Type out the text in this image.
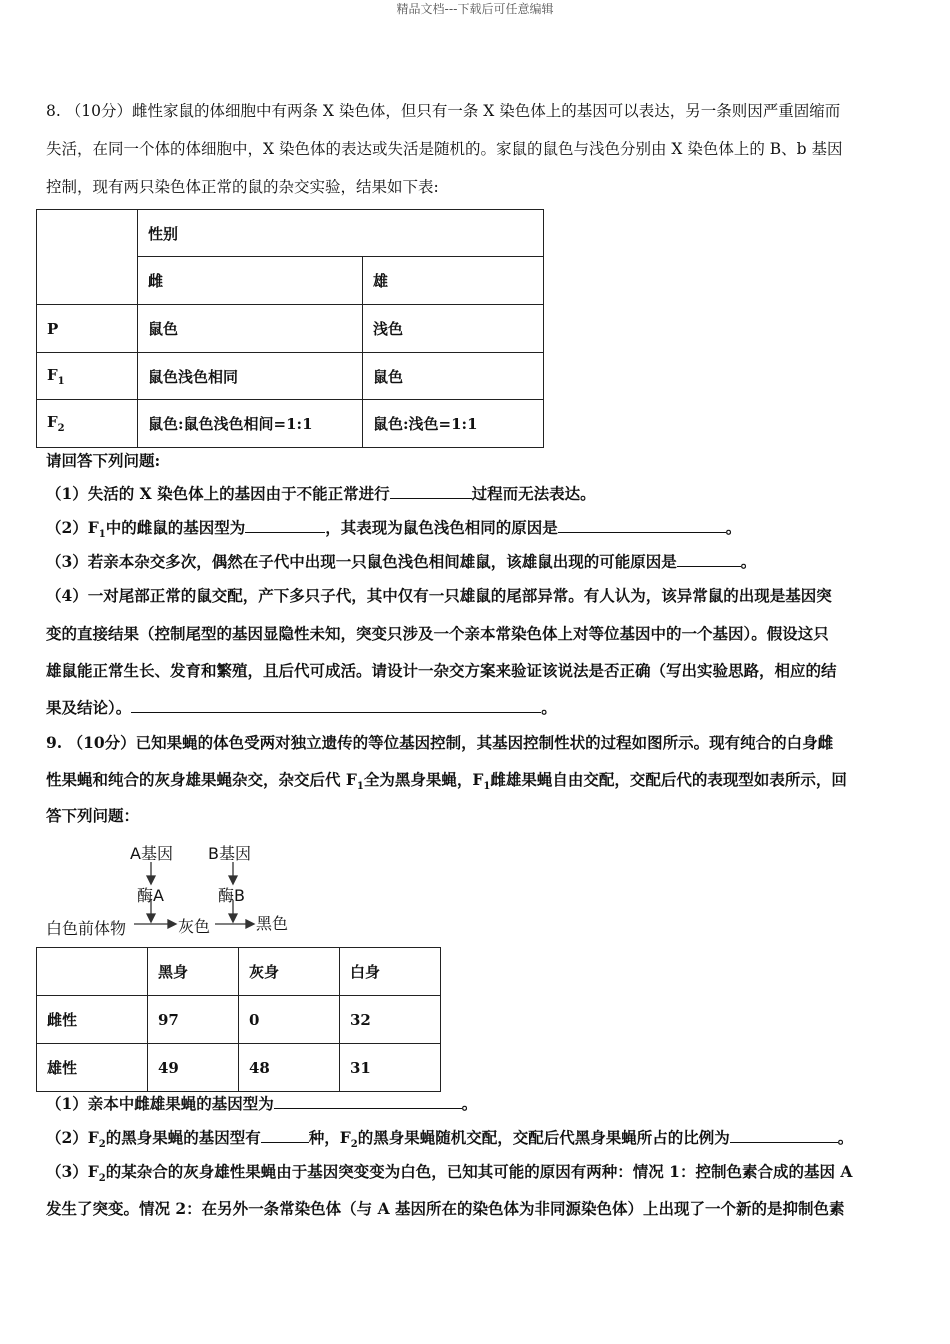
精品文档---下载后可任意编辑
8. （10分）雌性家鼠的体细胞中有两条 X 染色体，但只有一条 X 染色体上的基因可以表达，另一条则因严重固缩而
失活，在同一个体的体细胞中，X 染色体的表达或失活是随机的。家鼠的鼠色与浅色分别由 X 染色体上的 B、b 基因
控制，现有两只染色体正常的鼠的杂交实验，结果如下表:
	性别	
	雌	雄
P	鼠色	浅色
$F_1$	鼠色浅色相同	鼠色
$F_2$	鼠色:鼠色浅色相间=1:1	鼠色:浅色=1:1
请回答下列问题:
（1）失活的 X 染色体上的基因由于不能正常进行	过程而无法表达。
$(2)F_1$中的雌鼠的基因型为	，其表现为鼠色浅色相同的原因是	。
（3）若亲本杂交多次，偶然在子代中出现一只鼠色浅色相间雄鼠，该雄鼠出现的可能原因是	。
（4）一对尾部正常的鼠交配，产下多只子代，其中仅有一只雄鼠的尾部异常。有人认为，该异常鼠的出现是基因突
变的直接结果（控制尾型的基因显隐性未知，突变只涉及一个亲本常染色体上对等位基因中的一个基因）。假设这只
雄鼠能正常生长、发育和繁殖，且后代可成活。请设计一杂交方案来验证该说法是否正确（写出实验思路，相应的结
果及结论）。	。
9. （10分）已知果蝇的体色受两对独立遗传的等位基因控制，其基因控制性状的过程如图所示。现有纯合的白身雌
性果蝇和纯合的灰身雄果蝇杂交，杂交后代 $F_1$全为黑身果蝇，$F_1$雌雄果蝇自由交配，交配后代的表现型如表所示，回
答下列问题：
A基因 B基因
酶A	酶B
白色前体物	灰色	黑色
	黑身	灰身	白身
雌性	97	0	32
雄性	49	48	31
（1）亲本中雌雄果蝇的基因型为	。
$(2)F_2$的黑身果蝇的基因型有	种，$F_2$的黑身果蝇随机交配，交配后代黑身果蝇所占的比例为	。
$(3)F_2$的某杂合的灰身雄性果蝇由于基因突变变为白色，已知其可能的原因有两种：情况 1：控制色素合成的基因 A
发生了突变。情况 2：在另外一条常染色体（与 A 基因所在的染色体为非同源染色体）上出现了一个新的是抑制色素
